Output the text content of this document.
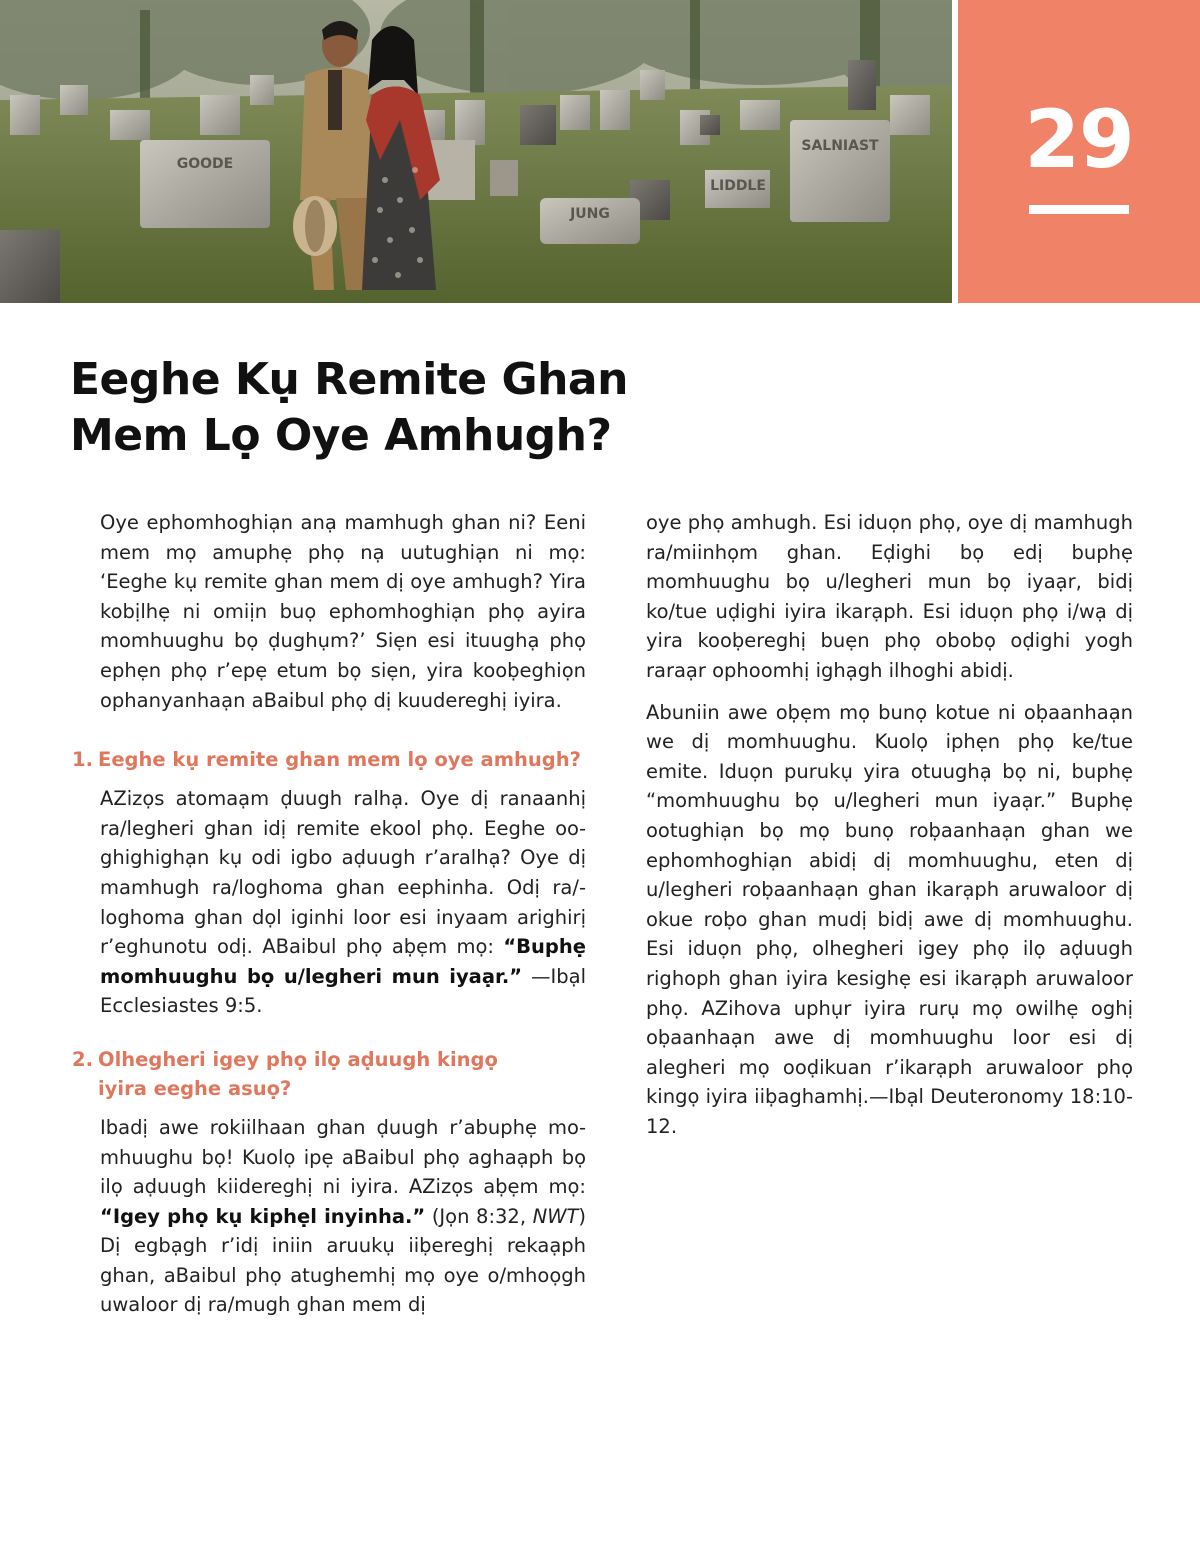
GOODE
SALNIAST
LIDDLE
JUNG
29
Eeghe Kụ Remite Ghan
Mem Lọ Oye Amhugh?

Oye ephomhoghiạn anạ mamhugh ghan ni? Eeni mem mọ amuphẹ phọ nạ uutughiạn ni mọ: ‘Eeghe kụ remite ghan mem dị oye amhugh? Yira kobịlhẹ ni omiịn buọ ephomhoghiạn phọ ayira momhuughu bọ ḍughụm?’ Siẹn esi ituughạ phọ ephẹn phọ r’epẹ etum bọ siẹn, yira kooḅeghiọn ophanyanhaạn aBaibul phọ dị kuudereghị iyira.

1. Eeghe kụ remite ghan mem lọ oye amhugh?

AZizọs atomaạm ḍuugh ralhạ. Oye dị ranaanhị ra/legheri ghan idị remite ekool phọ. Eeghe ooghighighạn kụ odi igbo aḍuugh r’aralhạ? Oye dị mamhugh ra/loghoma ghan eephinha. Odị ra/loghoma ghan dọl iginhi loor esi inyaam arighirị r’eghunotu odị. ABaibul phọ aḅẹm mọ: “Buphẹ momhuughu bọ u/legheri mun iyaạr.” —Ibạl Ecclesiastes 9:5.

2. Olhegheri igey phọ ilọ aḍuugh kingọ
iyira eeghe asuọ?

Ibadị awe rokiilhaan ghan ḍuugh r’abuphẹ momhuughu bọ! Kuolọ ipẹ aBaibul phọ aghaạph bọ ilọ aḍuugh kiidereghị ni iyira. AZizọs aḅẹm mọ: “Igey phọ kụ kiphẹl inyinha.” (Jọn 8:32, NWT) Dị egbạgh r’idị iniin aruukụ iiḅereghị rekaạph ghan, aBaibul phọ atughemhị mọ oye o/mhoọgh uwaloor dị ra/mugh ghan mem dị

oye phọ amhugh. Esi iduọn phọ, oye dị mamhugh ra/miinhọm ghan. Eḍighi bọ edị buphẹ momhuughu bọ u/legheri mun bọ iyaạr, bidị ko/tue uḍighi iyira ikarạph. Esi iduọn phọ i/wạ dị yira kooḅereghị buẹn phọ obobọ oḍighi yogh raraạr ophoomhị ighạgh ilhoghi abidị.

Abuniin awe oḅẹm mọ bunọ kotue ni oḅaanhaạn we dị momhuughu. Kuolọ iphẹn phọ ke/tue emite. Iduọn purukụ yira otuughạ bọ ni, buphẹ “momhuughu bọ u/legheri mun iyaạr.” Buphẹ ootughiạn bọ mọ bunọ roḅaanhaạn ghan we ephomhoghiạn abidị dị momhuughu, eten dị u/legheri roḅaanhaạn ghan ikarạph aruwaloor dị okue roḅo ghan mudị bidị awe dị momhuughu. Esi iduọn phọ, olhegheri igey phọ ilọ aḍuugh righoph ghan iyira kesighẹ esi ikarạph aruwaloor phọ. AZihova uphụr iyira rurụ mọ owilhẹ oghị oḅaanhaạn awe dị momhuughu loor esi dị alegheri mọ ooḍikuan r’ikarạph aruwaloor phọ kingọ iyira iiḅaghamhị.—Ibạl Deuteronomy 18:10-12.
